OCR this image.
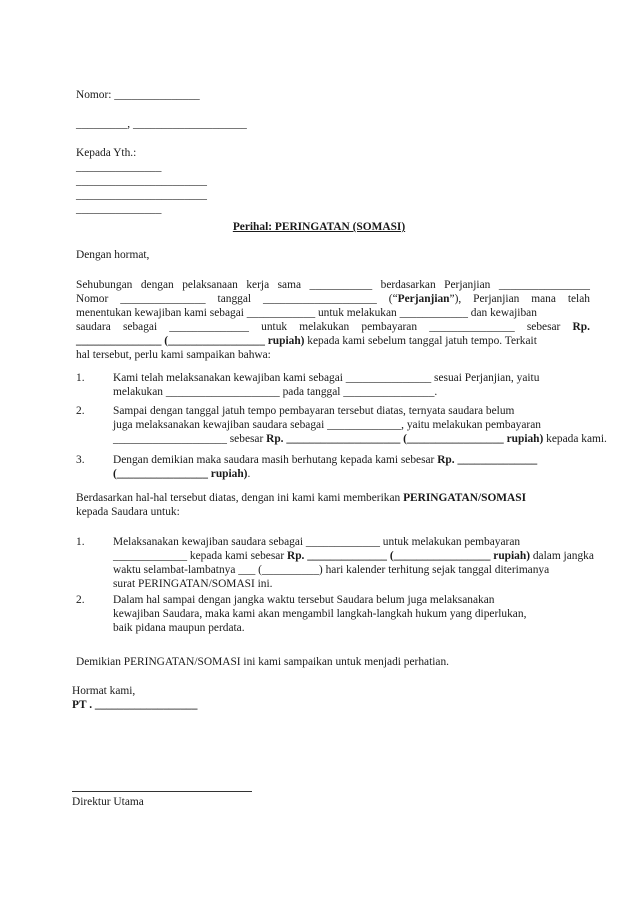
Nomor: _______________
_________, ____________________
Kepada Yth.:
_______________
_______________________
_______________________
_______________
Perihal: PERINGATAN (SOMASI)
Dengan hormat,
Sehubungan dengan pelaksanaan kerja sama ___________ berdasarkan Perjanjian ________________
Nomor _______________ tanggal ____________________ (“Perjanjian”), Perjanjian mana telah
menentukan kewajiban kami sebagai ____________ untuk melakukan ____________ dan kewajiban
saudara sebagai ______________ untuk melakukan pembayaran _______________ sebesar Rp.
_______________ (_________________ rupiah) kepada kami sebelum tanggal jatuh tempo. Terkait
hal tersebut, perlu kami sampaikan bahwa:
1. Kami telah melaksanakan kewajiban kami sebagai _______________ sesuai Perjanjian, yaitu
melakukan ____________________ pada tanggal ________________.
2. Sampai dengan tanggal jatuh tempo pembayaran tersebut diatas, ternyata saudara belum
juga melaksanakan kewajiban saudara sebagai _____________, yaitu melakukan pembayaran
____________________ sebesar Rp. ____________________ (_________________ rupiah) kepada kami.
3. Dengan demikian maka saudara masih berhutang kepada kami sebesar Rp. ______________
(________________ rupiah).
Berdasarkan hal-hal tersebut diatas, dengan ini kami kami memberikan PERINGATAN/SOMASI
kepada Saudara untuk:
1. Melaksanakan kewajiban saudara sebagai _____________ untuk melakukan pembayaran
_____________ kepada kami sebesar Rp. ______________ (_________________ rupiah) dalam jangka
waktu selambat-lambatnya ___ (__________) hari kalender terhitung sejak tanggal diterimanya
surat PERINGATAN/SOMASI ini.
2. Dalam hal sampai dengan jangka waktu tersebut Saudara belum juga melaksanakan
kewajiban Saudara, maka kami akan mengambil langkah-langkah hukum yang diperlukan,
baik pidana maupun perdata.
Demikian PERINGATAN/SOMASI ini kami sampaikan untuk menjadi perhatian.
Hormat kami,
PT . __________________
Direktur Utama
